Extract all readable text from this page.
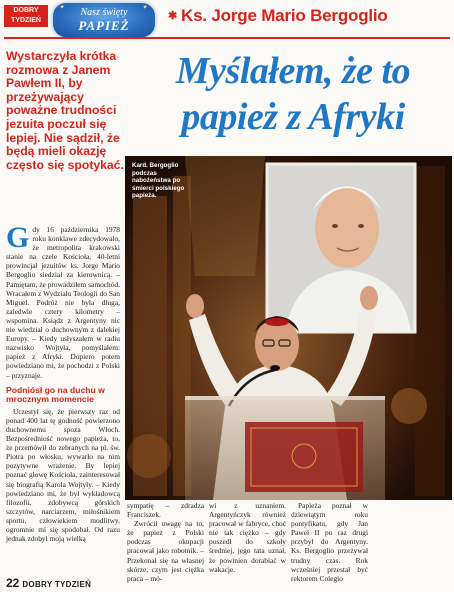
DOBRY
TYDZIEŃ
✦	✦
Nasz święty
PAPIEŻ
✱ Ks. Jorge Mario Bergoglio
Wystarczyła krótka rozmowa z Janem Pawłem II, by przeżywający poważne trudności jezuita poczuł się lepiej. Nie sądził, że będą mieli okazję często się spotykać.
Myślałem, że to
papież z Afryki
Kard. Bergoglio podczas nabożeństwa po śmierci polskiego papieża.
G dy 16 października 1978 roku konklawe zdecydowało, że metropolita krakowski stanie na czele Kościoła, 40-letni prowincjał jezuitów ks. Jorge Mario Bergoglio siedział za kierownicą. – Pamiętam, że prowadziłem samochód. Wracałem z Wydziału Teologii do San Miguel. Podróż nie była długa, zaledwie cztery kilometry – wspomina. Ksiądz z Argentyny nic nie wiedział o duchownym z dalekiej Europy. – Kiedy usłyszałem w radiu nazwisko Wojtyła, pomyślałem: papież z Afryki. Dopiero potem powiedziano mi, że pochodzi z Polski – przyznaje.

Podniósł go na duchu w mrocznym momencie

Uczestył się, że pierwszy raz od ponad 400 lat tę godność powierzono duchownemu spoza Włoch. Bezpośredniość nowego papieża, to, że przemówił do zebranych na pl. św. Piotra po włosku, wywarło na nim pozytywne wrażenie. By lepiej poznać głowę Kościoła, zainteresował się biografią Karola Wojtyły. – Kiedy powiedziano mi, że był wykładowcą filozofii, zdobywcą górskich szczytów, narciarzem, miłośnikiem sportu, człowiekiem modlitwy, ogromnie mi się spodobał. Od razu jednak zdobył moją wielką

sympatię – zdradza Franciszek.

Zwrócił uwagę na to, że papież z Polski podczas okupacji pracował jako robotnik. – Przekonał się na własnej skórze, czym jest ciężka praca – mó-

wi z uznaniem. Argentyńczyk również pracował w fabryce, choć nie tak ciężko – gdy poszedł do szkoły średniej, jego tata uznał, że powinien dorabiać w wakacje.

Papieża poznał w dziewiątym roku pontyfikatu, gdy Jan Paweł II po raz drugi przybył do Argentyny. Ks. Bergoglio przeżywał trudny czas. Rok wcześniej przestał być rektorem Colegio

22 DOBRY TYDZIEŃ
